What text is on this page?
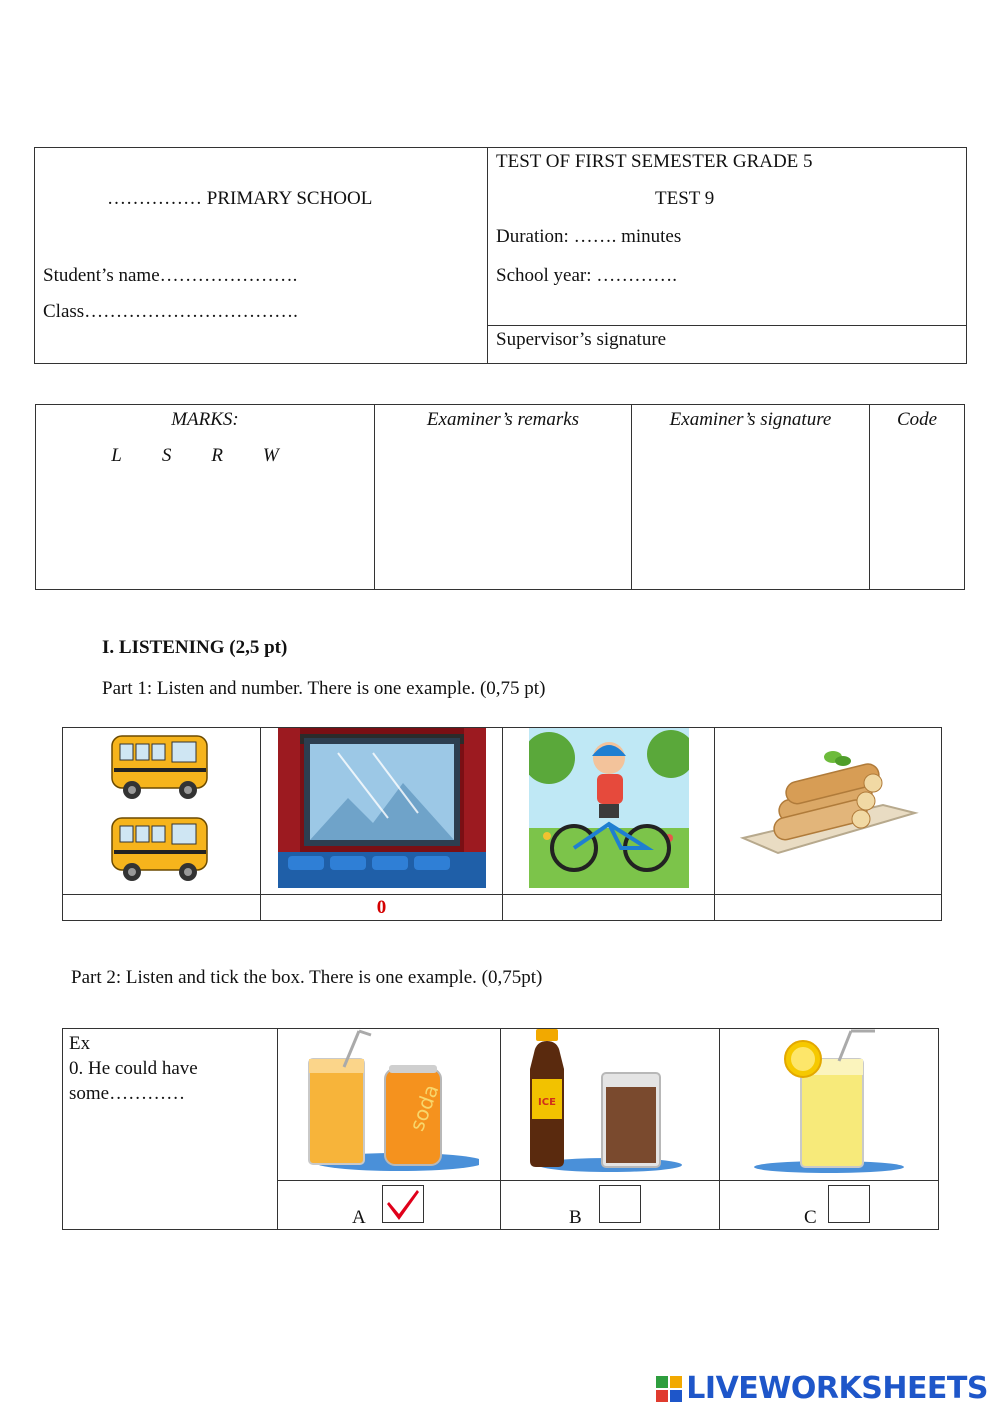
…………… PRIMARY SCHOOL
Student’s name………………….
Class…………………………….

TEST OF FIRST SEMESTER GRADE 5
TEST 9
Duration: ……. minutes
School year: ………….

Supervisor’s signature
MARKS:
L S R W

Examiner’s remarks	Examiner’s signature	Code
I. LISTENING (2,5 pt)
Part 1: Listen and number. There is one example. (0,75 pt)

	0		
Part 2: Listen and tick the box. There is one example. (0,75pt)
Ex
0. He could have
some…………	soda	ICE

	A	B	C
LIVEWORKSHEETS
